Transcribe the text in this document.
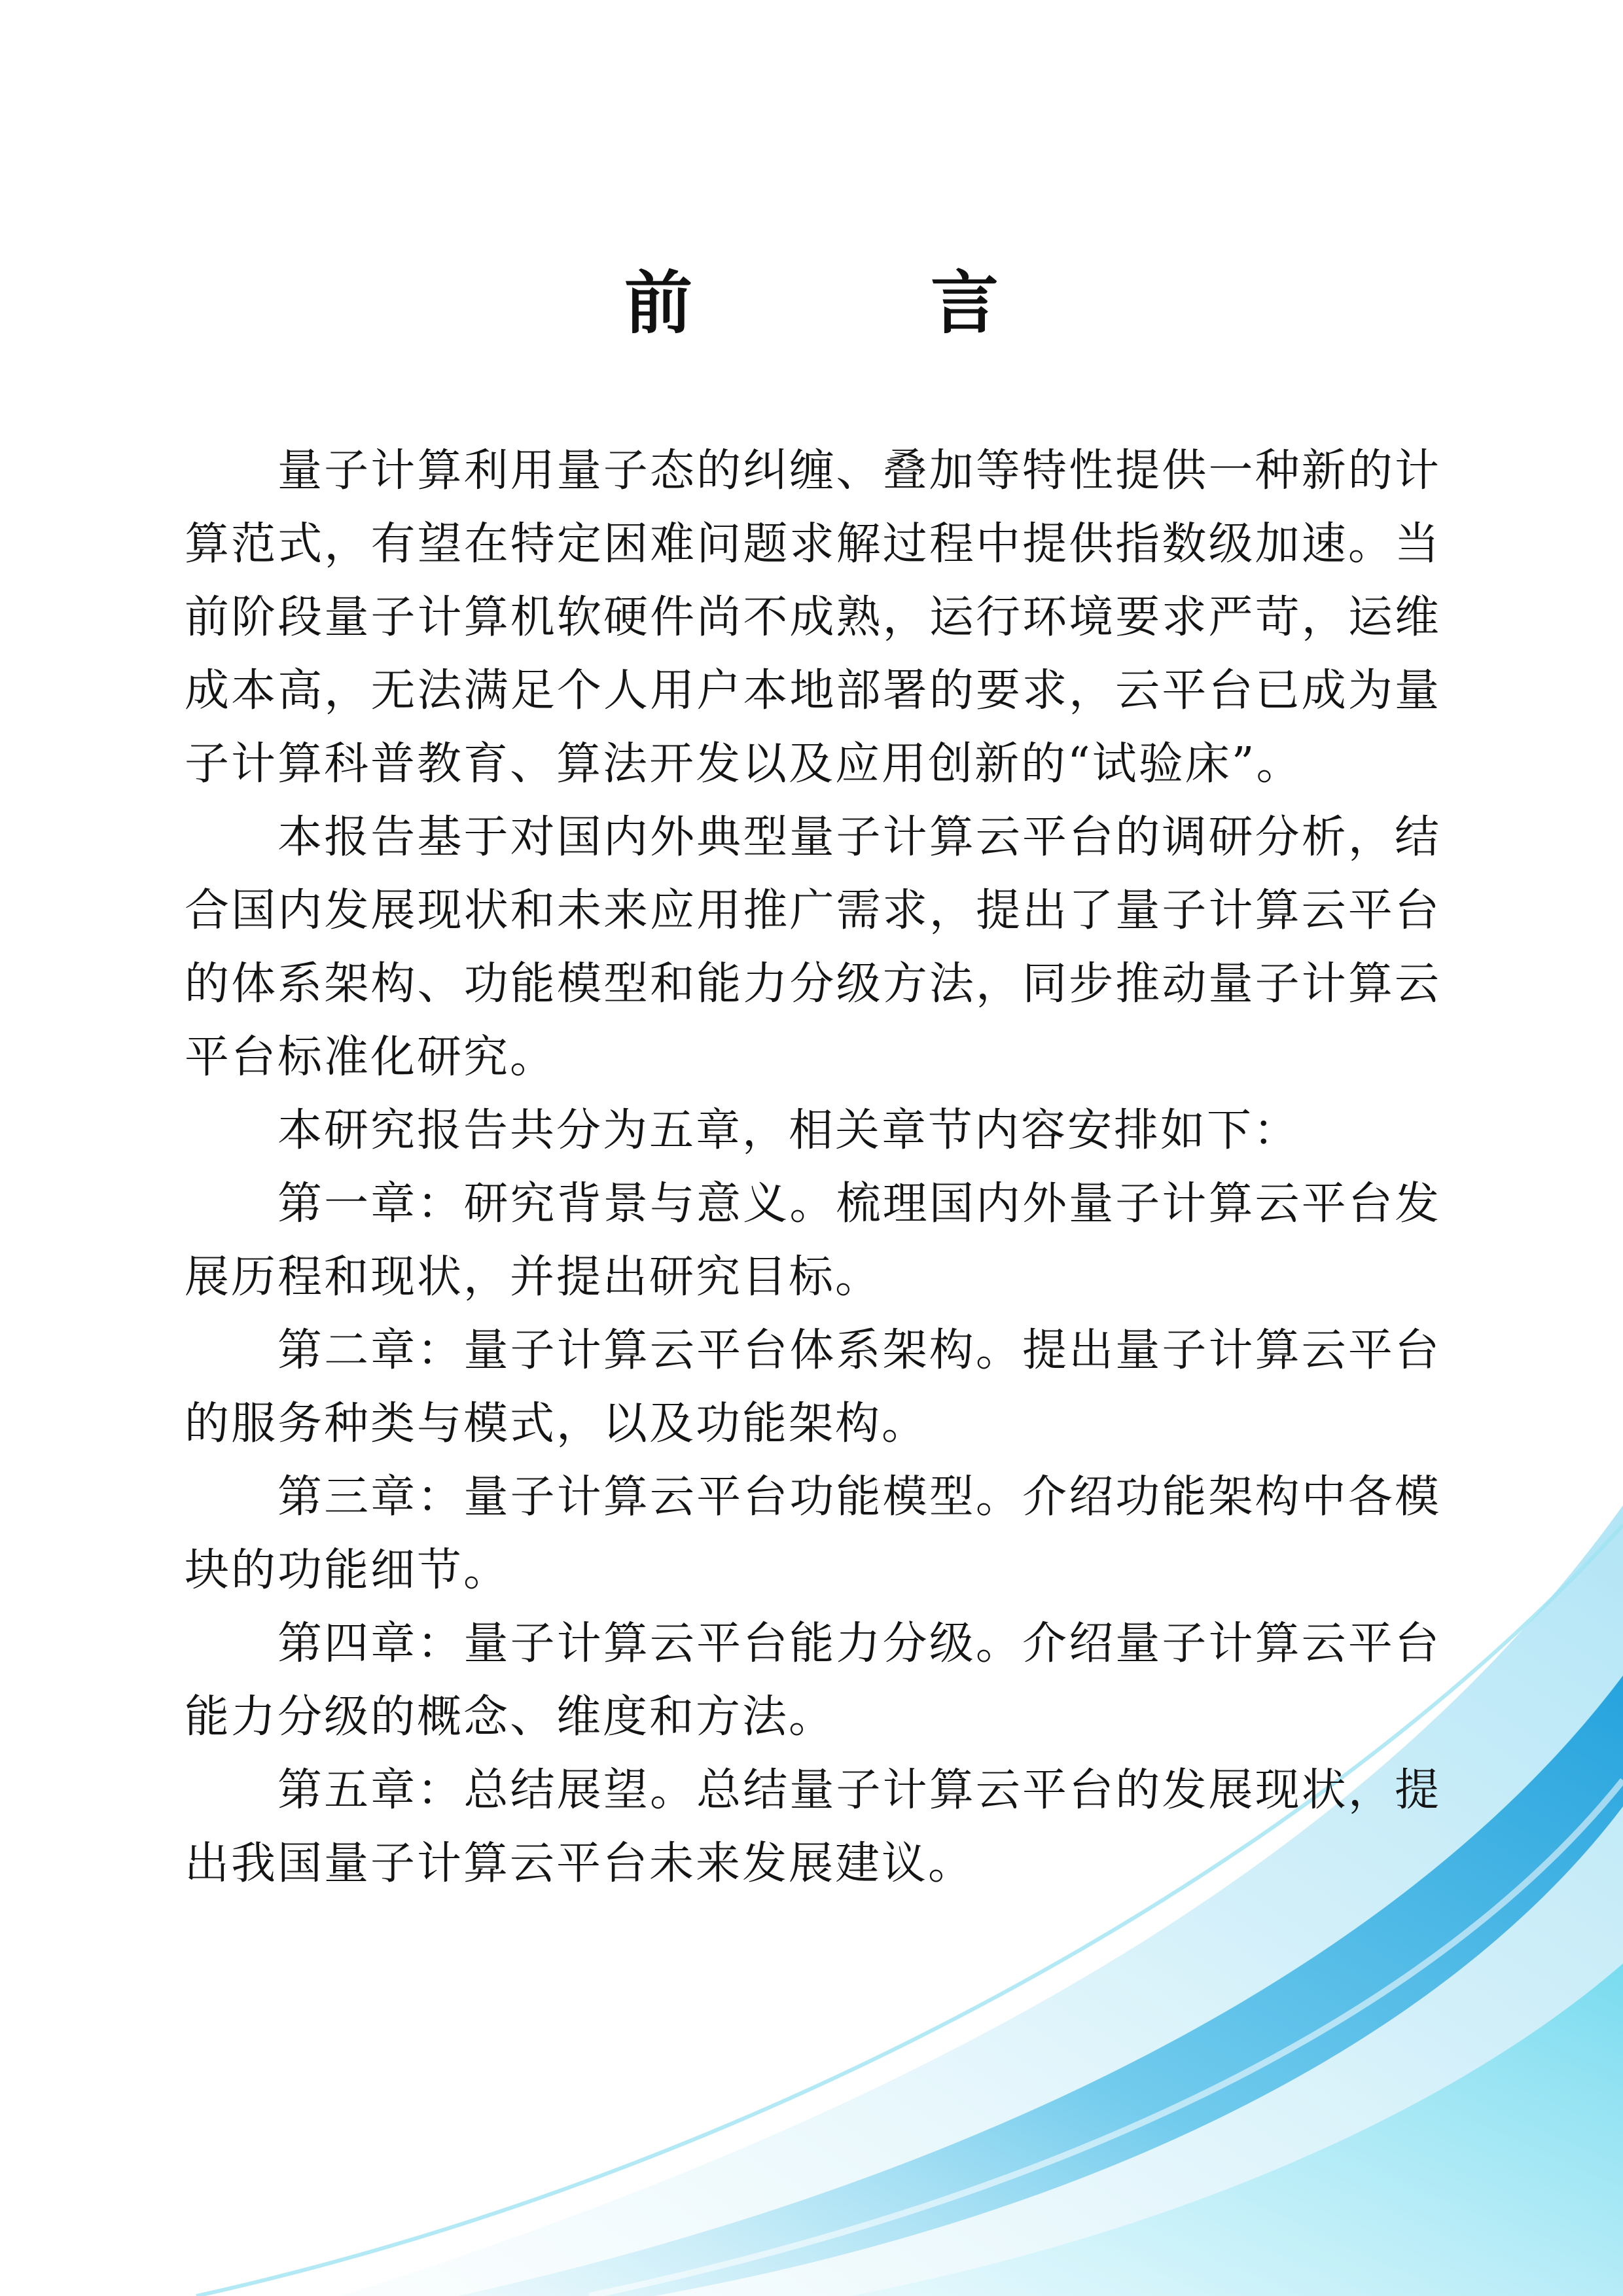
前　言

量子计算利用量子态的纠缠、叠加等特性提供一种新的计算范式，有望在特定困难问题求解过程中提供指数级加速。当前阶段量子计算机软硬件尚不成熟，运行环境要求严苛，运维成本高，无法满足个人用户本地部署的要求，云平台已成为量子计算科普教育、算法开发以及应用创新的“试验床”。

本报告基于对国内外典型量子计算云平台的调研分析，结合国内发展现状和未来应用推广需求，提出了量子计算云平台的体系架构、功能模型和能力分级方法，同步推动量子计算云平台标准化研究。

本研究报告共分为五章，相关章节内容安排如下：

第一章：研究背景与意义。梳理国内外量子计算云平台发展历程和现状，并提出研究目标。

第二章：量子计算云平台体系架构。提出量子计算云平台的服务种类与模式，以及功能架构。

第三章：量子计算云平台功能模型。介绍功能架构中各模块的功能细节。

第四章：量子计算云平台能力分级。介绍量子计算云平台能力分级的概念、维度和方法。

第五章：总结展望。总结量子计算云平台的发展现状，提出我国量子计算云平台未来发展建议。
